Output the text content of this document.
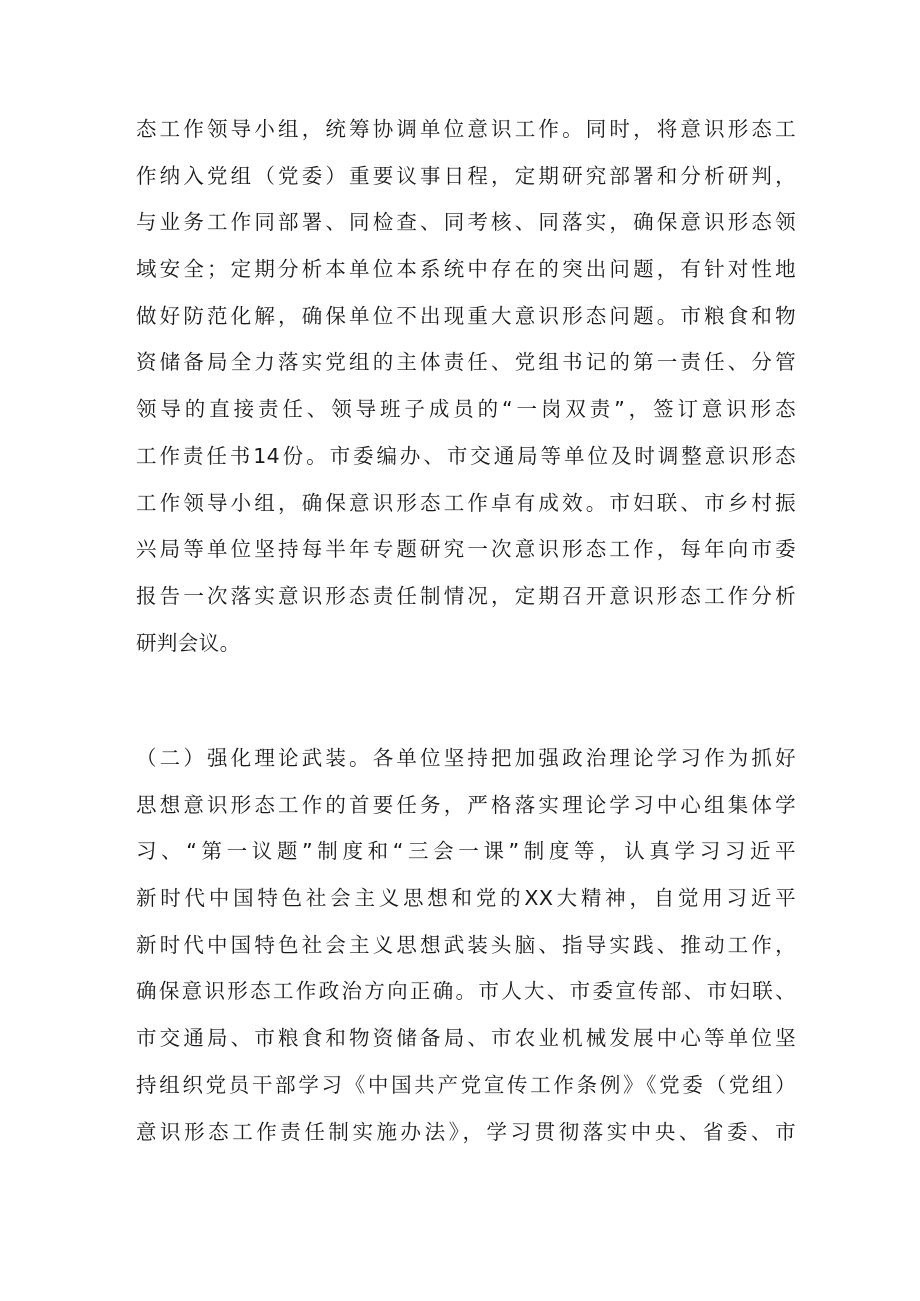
态工作领导小组，统筹协调单位意识工作。同时，将意识形态工
作纳入党组（党委）重要议事日程，定期研究部署和分析研判，
与业务工作同部署、同检查、同考核、同落实，确保意识形态领
域安全；定期分析本单位本系统中存在的突出问题，有针对性地
做好防范化解，确保单位不出现重大意识形态问题。市粮食和物
资储备局全力落实党组的主体责任、党组书记的第一责任、分管
领导的直接责任、领导班子成员的“一岗双责”，签订意识形态
工作责任书14份。市委编办、市交通局等单位及时调整意识形态
工作领导小组，确保意识形态工作卓有成效。市妇联、市乡村振
兴局等单位坚持每半年专题研究一次意识形态工作，每年向市委
报告一次落实意识形态责任制情况，定期召开意识形态工作分析
研判会议。
（二）强化理论武装。各单位坚持把加强政治理论学习作为抓好
思想意识形态工作的首要任务，严格落实理论学习中心组集体学
习、“第一议题”制度和“三会一课”制度等，认真学习习近平
新时代中国特色社会主义思想和党的XX大精神，自觉用习近平
新时代中国特色社会主义思想武装头脑、指导实践、推动工作，
确保意识形态工作政治方向正确。市人大、市委宣传部、市妇联、
市交通局、市粮食和物资储备局、市农业机械发展中心等单位坚
持组织党员干部学习《中国共产党宣传工作条例》《党委（党组）
意识形态工作责任制实施办法》，学习贯彻落实中央、省委、市
